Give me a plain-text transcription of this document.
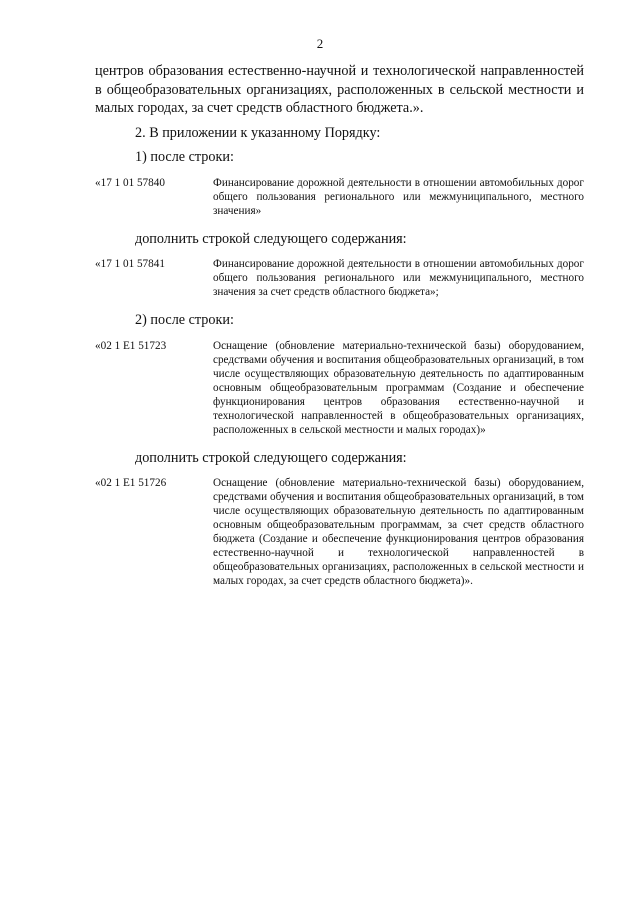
2

центров образования естественно-научной и технологической направленностей в общеобразовательных организациях, расположенных в сельской местности и малых городах, за счет средств областного бюджета.».

2. В приложении к указанному Порядку:

1) после строки:

«17 1 01 57840	Финансирование дорожной деятельности в отношении автомобильных дорог общего пользования регионального или межмуниципального, местного значения»

дополнить строкой следующего содержания:

«17 1 01 57841	Финансирование дорожной деятельности в отношении автомобильных дорог общего пользования регионального или межмуниципального, местного значения за счет средств областного бюджета»;

2) после строки:

«02 1 Е1 51723	Оснащение (обновление материально-технической базы) оборудованием, средствами обучения и воспитания общеобразовательных организаций, в том числе осуществляющих образовательную деятельность по адаптированным основным общеобразовательным программам (Создание и обеспечение функционирования центров образования естественно-научной и технологической направленностей в общеобразовательных организациях, расположенных в сельской местности и малых городах)»

дополнить строкой следующего содержания:

«02 1 Е1 51726	Оснащение (обновление материально-технической базы) оборудованием, средствами обучения и воспитания общеобразовательных организаций, в том числе осуществляющих образовательную деятельность по адаптированным основным общеобразовательным программам, за счет средств областного бюджета (Создание и обеспечение функционирования центров образования естественно-научной и технологической направленностей в общеобразовательных организациях, расположенных в сельской местности и малых городах, за счет средств областного бюджета)».
